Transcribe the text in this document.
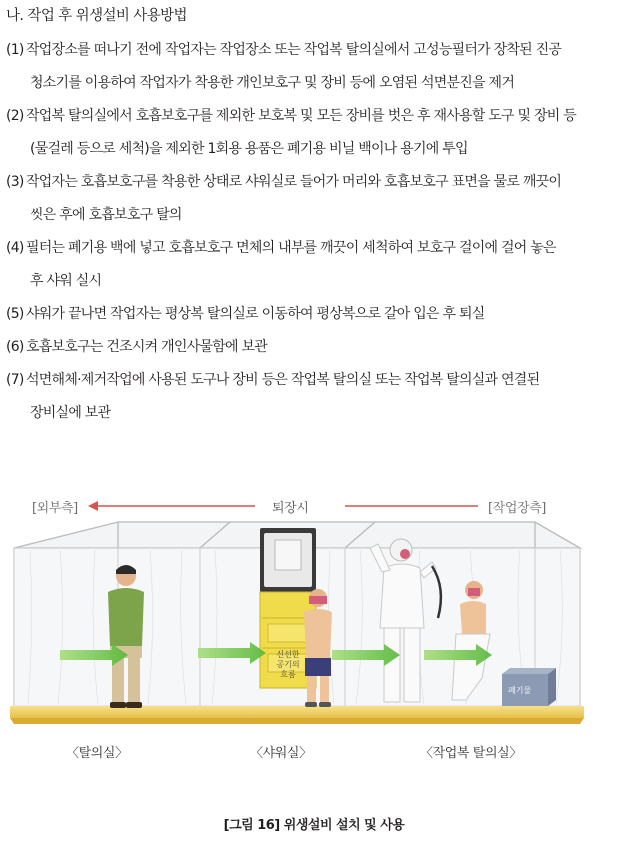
나. 작업 후 위생설비 사용방법
(1) 작업장소를 떠나기 전에 작업자는 작업장소 또는 작업복 탈의실에서 고성능필터가 장착된 진공
청소기를 이용하여 작업자가 착용한 개인보호구 및 장비 등에 오염된 석면분진을 제거
(2) 작업복 탈의실에서 호흡보호구를 제외한 보호복 및 모든 장비를 벗은 후 재사용할 도구 및 장비 등
(물걸레 등으로 세척)을 제외한 1회용 용품은 폐기용 비닐 백이나 용기에 투입
(3) 작업자는 호흡보호구를 착용한 상태로 샤워실로 들어가 머리와 호흡보호구 표면을 물로 깨끗이
씻은 후에 호흡보호구 탈의
(4) 필터는 폐기용 백에 넣고 호흡보호구 면체의 내부를 깨끗이 세척하여 보호구 걸이에 걸어 놓은
후 샤워 실시
(5) 샤워가 끝나면 작업자는 평상복 탈의실로 이동하여 평상복으로 갈아 입은 후 퇴실
(6) 호흡보호구는 건조시켜 개인사물함에 보관
(7) 석면해체·제거작업에 사용된 도구나 장비 등은 작업복 탈의실 또는 작업복 탈의실과 연결된
장비실에 보관
[외부측]	퇴장시	[작업장측]
신선한
공기의
흐름
폐기물
〈탈의실〉	〈샤워실〉	〈작업복 탈의실〉
[그림 16] 위생설비 설치 및 사용
